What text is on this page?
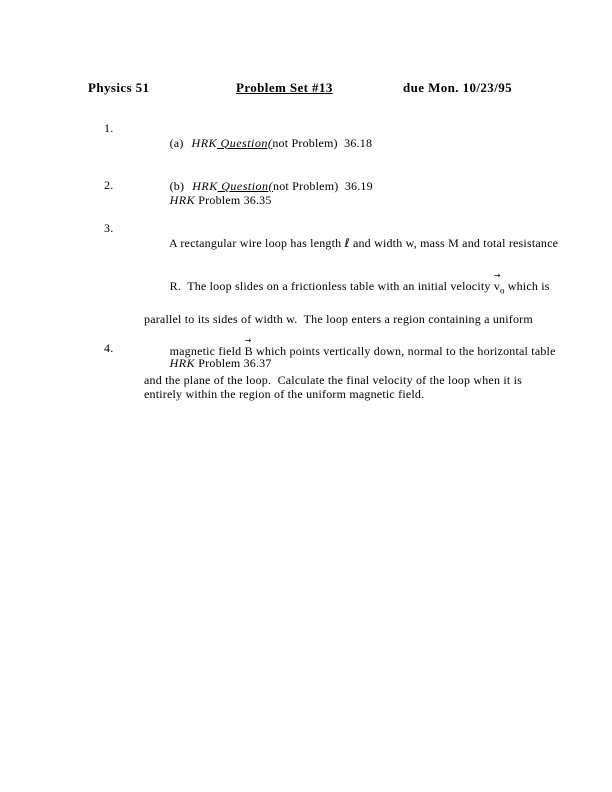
Physics 51	Problem Set #13	due Mon. 10/23/95
1.

(a) HRK Question(not Problem)  36.18

(b) HRK Question(not Problem)  36.19

2.

HRK Problem 36.35

3.

A rectangular wire loop has length ℓ and width w, mass M and total resistance

R.  The loop slides on a frictionless table with an initial velocity
→
$v_o$ which is

parallel to its sides of width w.  The loop enters a region containing a uniform

magnetic field
→
B which points vertically down, normal to the horizontal table

and the plane of the loop.  Calculate the final velocity of the loop when it is
entirely within the region of the uniform magnetic field.
4.

HRK Problem 36.37
